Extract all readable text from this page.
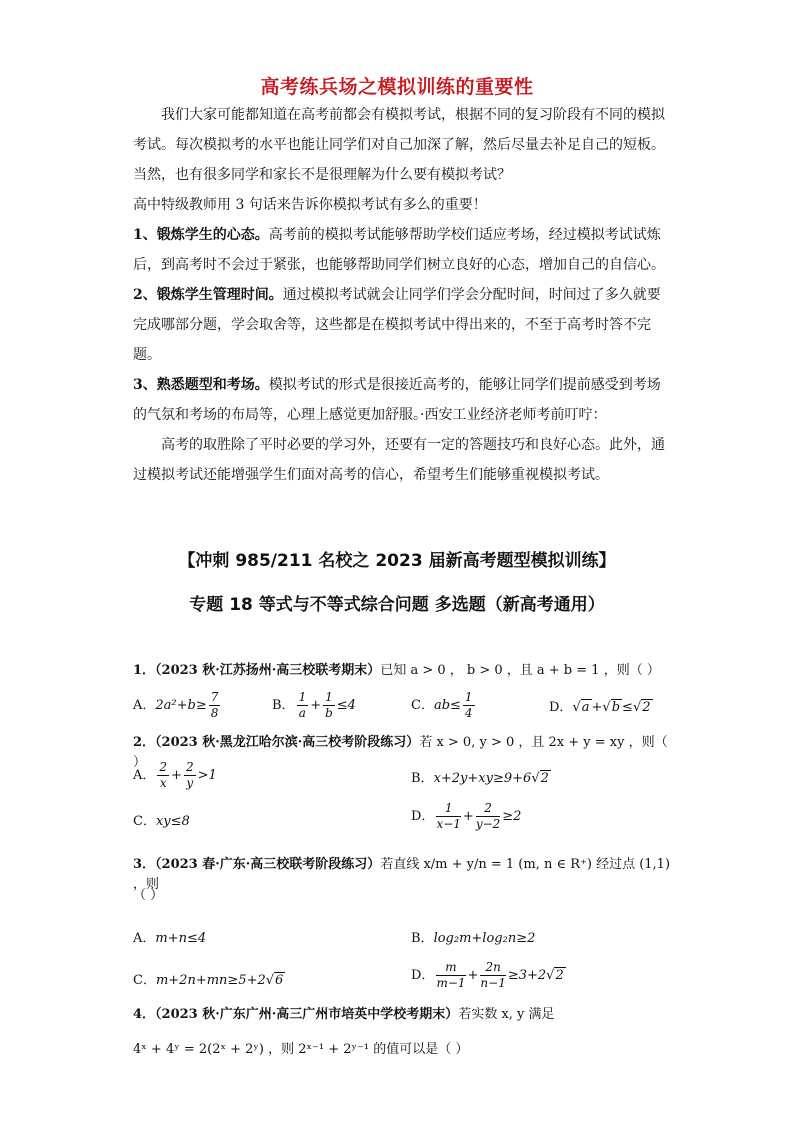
高考练兵场之模拟训练的重要性

我们大家可能都知道在高考前都会有模拟考试，根据不同的复习阶段有不同的模拟考试。每次模拟考的水平也能让同学们对自己加深了解，然后尽量去补足自己的短板。当然，也有很多同学和家长不是很理解为什么要有模拟考试？

高中特级教师用 3 句话来告诉你模拟考试有多么的重要！

1、锻炼学生的心态。高考前的模拟考试能够帮助学校们适应考场，经过模拟考试试炼后，到高考时不会过于紧张，也能够帮助同学们树立良好的心态，增加自己的自信心。

2、锻炼学生管理时间。通过模拟考试就会让同学们学会分配时间，时间过了多久就要完成哪部分题，学会取舍等，这些都是在模拟考试中得出来的，不至于高考时答不完题。

3、熟悉题型和考场。模拟考试的形式是很接近高考的，能够让同学们提前感受到考场的气氛和考场的布局等，心理上感觉更加舒服。·西安工业经济老师考前叮咛：

高考的取胜除了平时必要的学习外，还要有一定的答题技巧和良好心态。此外，通过模拟考试还能增强学生们面对高考的信心，希望考生们能够重视模拟考试。

【冲刺 985/211 名校之 2023 届新高考题型模拟训练】
专题 18 等式与不等式综合问题 多选题（新高考通用）
1．（2023 秋·江苏扬州·高三校联考期末）已知 a > 0 ， b > 0 ，且 a + b = 1 ，则（ ）
A．$2a^2+b\ge \frac{7}{8}$	B． $\frac{1}{a} + \frac{1}{b} \le 4$	C．$ab\le \frac{1}{4}$	D．√ a +√ b ≤√ 2
2．（2023 秋·黑龙江哈尔滨·高三校考阶段练习）若 x > 0, y > 0 ，且 2x + y = xy ，则（ ）
A． $\frac{2}{x} + \frac{2}{y} >1$	B．x+2y+xy≥9+6√ 2
C．xy≤8	D． $\frac{1}{x-1} + \frac{2}{y-2} \ge 2$
3．（2023 春·广东·高三校联考阶段练习）若直线 x/m + y/n = 1 (m, n ∈ R⁺) 经过点 (1,1) ，则
（ ）
A．m+n≤4	B．log₂m+log₂n≥2
C．m+2n+mn≥5+2√ 6	D． $\frac{m}{m-1} + \frac{2n}{n-1} \ge 3+2√$ 2
4．（2023 秋·广东广州·高三广州市培英中学校考期末）若实数 x, y 满足
4ˣ + 4ʸ = 2(2ˣ + 2ʸ) ，则 2ˣ⁻¹ + 2ʸ⁻¹ 的值可以是（ ）
